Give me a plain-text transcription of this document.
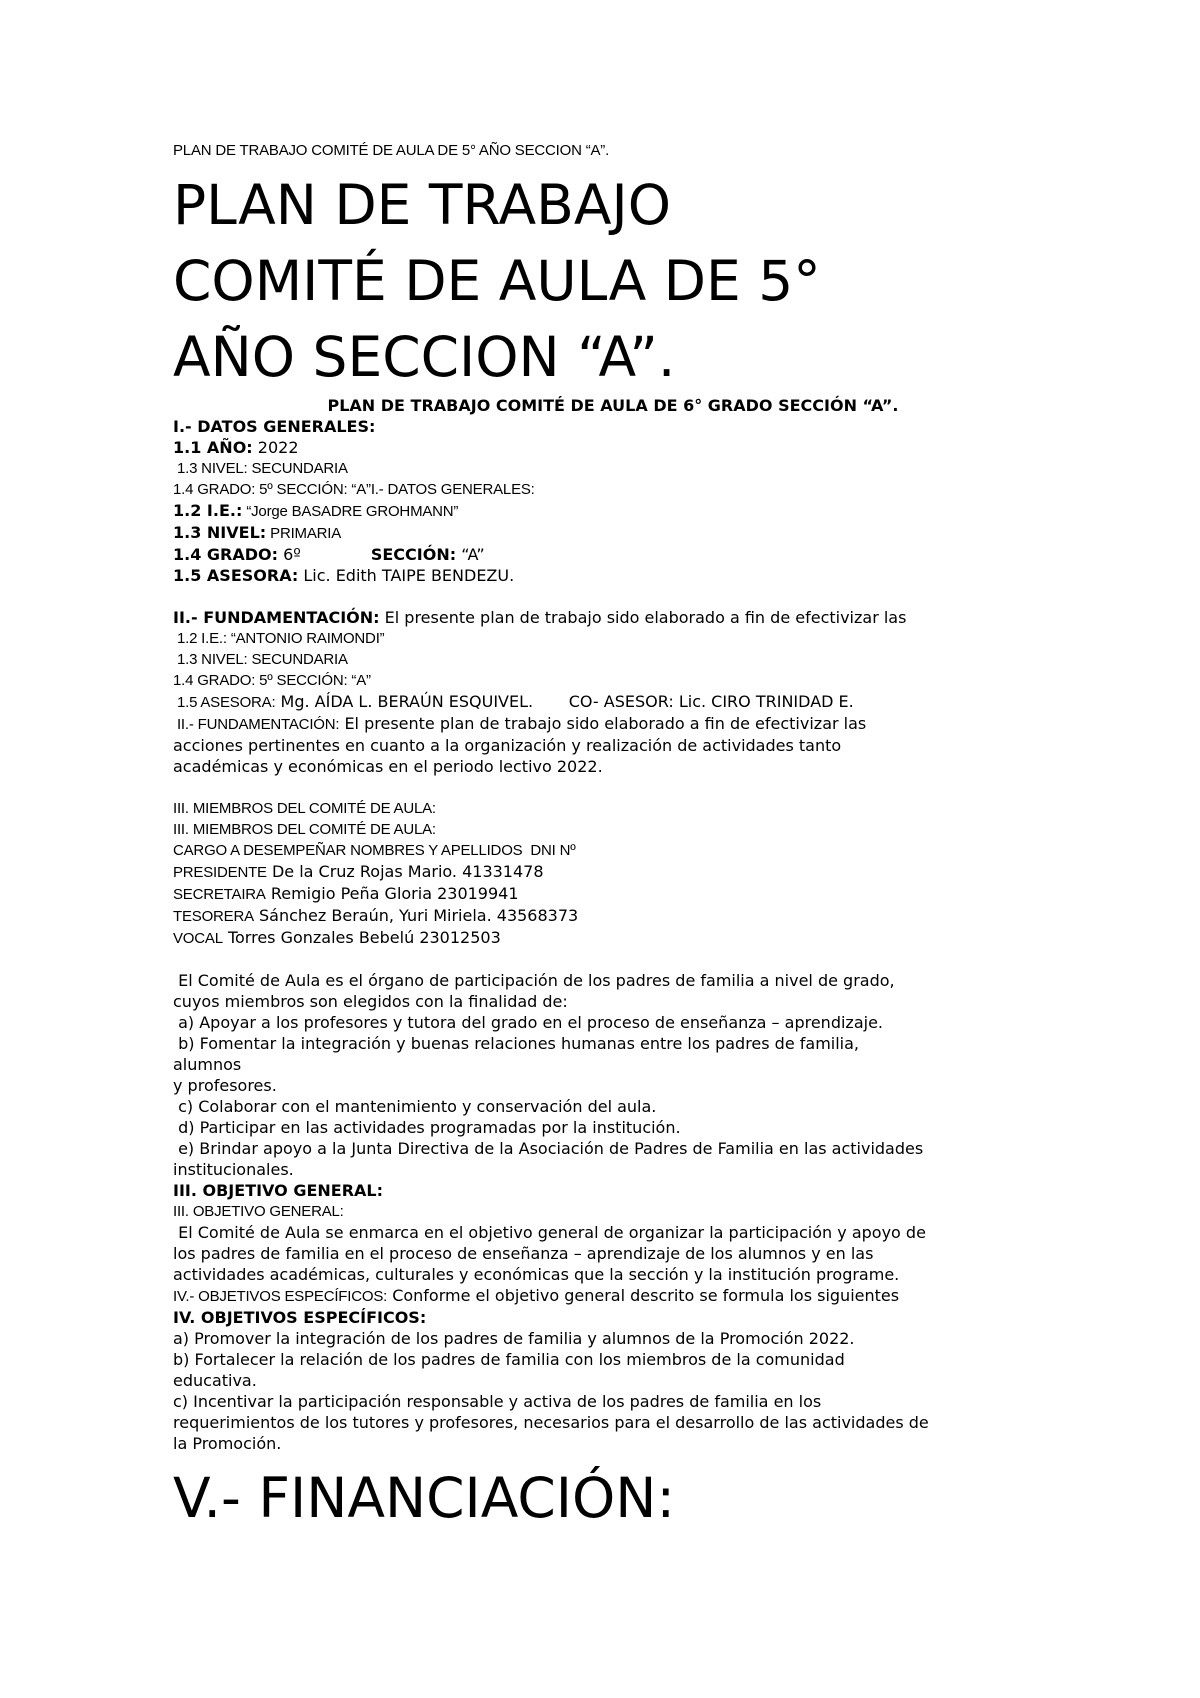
PLAN DE TRABAJO COMITÉ DE AULA DE 5° AÑO SECCION “A”.

PLAN DE TRABAJO
COMITÉ DE AULA DE 5°
AÑO SECCION “A”.

PLAN DE TRABAJO COMITÉ DE AULA DE 6° GRADO SECCIÓN “A”.

I.- DATOS GENERALES:

1.1 AÑO: 2022

1.3 NIVEL: SECUNDARIA

1.4 GRADO: 5º SECCIÓN: “A”I.- DATOS GENERALES:

1.2 I.E.: “Jorge BASADRE GROHMANN”

1.3 NIVEL: PRIMARIA

1.4 GRADO: 6º	SECCIÓN: “A”

1.5 ASESORA: Lic. Edith TAIPE BENDEZU.

II.- FUNDAMENTACIÓN: El presente plan de trabajo sido elaborado a fin de efectivizar las

1.2 I.E.: “ANTONIO RAIMONDI”

1.3 NIVEL: SECUNDARIA

1.4 GRADO: 5º SECCIÓN: “A”

1.5 ASESORA: Mg. AÍDA L. BERAÚN ESQUIVEL.       CO- ASESOR: Lic. CIRO TRINIDAD E.

II.- FUNDAMENTACIÓN: El presente plan de trabajo sido elaborado a fin de efectivizar las

acciones pertinentes en cuanto a la organización y realización de actividades tanto

académicas y económicas en el periodo lectivo 2022.

III. MIEMBROS DEL COMITÉ DE AULA:

III. MIEMBROS DEL COMITÉ DE AULA:

CARGO A DESEMPEÑAR NOMBRES Y APELLIDOS  DNI Nº

PRESIDENTE De la Cruz Rojas Mario. 41331478

SECRETAIRA Remigio Peña Gloria 23019941

TESORERA Sánchez Beraún, Yuri Miriela. 43568373

VOCAL Torres Gonzales Bebelú 23012503

El Comité de Aula es el órgano de participación de los padres de familia a nivel de grado,

cuyos miembros son elegidos con la finalidad de:

a) Apoyar a los profesores y tutora del grado en el proceso de enseñanza – aprendizaje.

b) Fomentar la integración y buenas relaciones humanas entre los padres de familia,

alumnos

y profesores.

c) Colaborar con el mantenimiento y conservación del aula.

d) Participar en las actividades programadas por la institución.

e) Brindar apoyo a la Junta Directiva de la Asociación de Padres de Familia en las actividades

institucionales.

III. OBJETIVO GENERAL:

III. OBJETIVO GENERAL:

El Comité de Aula se enmarca en el objetivo general de organizar la participación y apoyo de

los padres de familia en el proceso de enseñanza – aprendizaje de los alumnos y en las

actividades académicas, culturales y económicas que la sección y la institución programe.

IV.- OBJETIVOS ESPECÍFICOS: Conforme el objetivo general descrito se formula los siguientes

IV. OBJETIVOS ESPECÍFICOS:

a) Promover la integración de los padres de familia y alumnos de la Promoción 2022.

b) Fortalecer la relación de los padres de familia con los miembros de la comunidad

educativa.

c) Incentivar la participación responsable y activa de los padres de familia en los

requerimientos de los tutores y profesores, necesarios para el desarrollo de las actividades de

la Promoción.

V.- FINANCIACIÓN:
